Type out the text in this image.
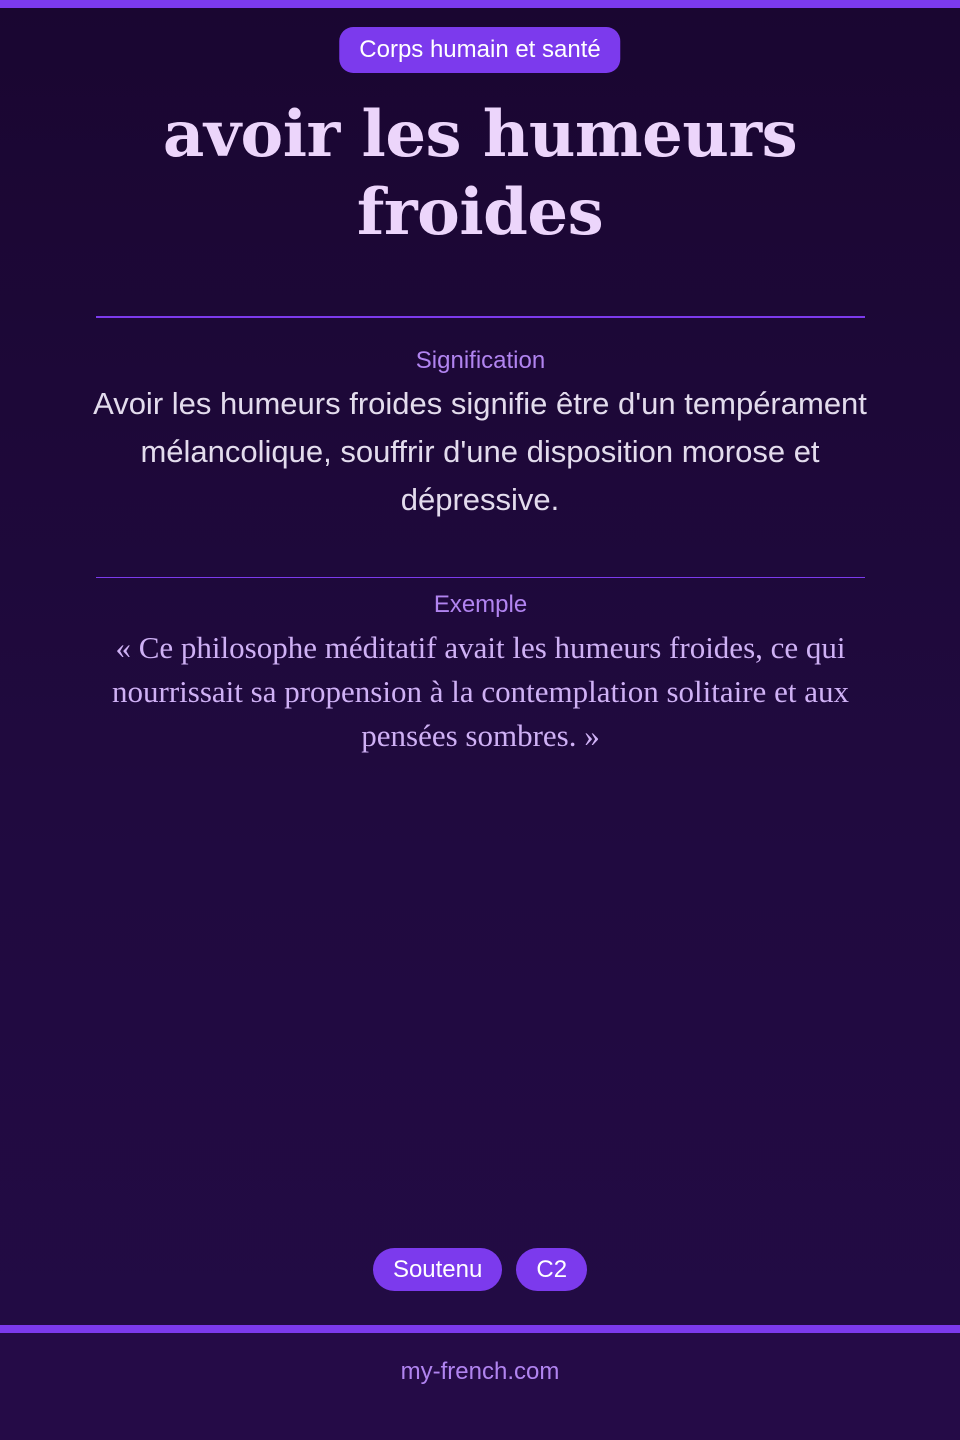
Corps humain et santé
avoir les humeurs froides
Signification
Avoir les humeurs froides signifie être d'un tempérament mélancolique, souffrir d'une disposition morose et dépressive.
Exemple
« Ce philosophe méditatif avait les humeurs froides, ce qui nourrissait sa propension à la contemplation solitaire et aux pensées sombres. »
Soutenu C2
my-french.com
